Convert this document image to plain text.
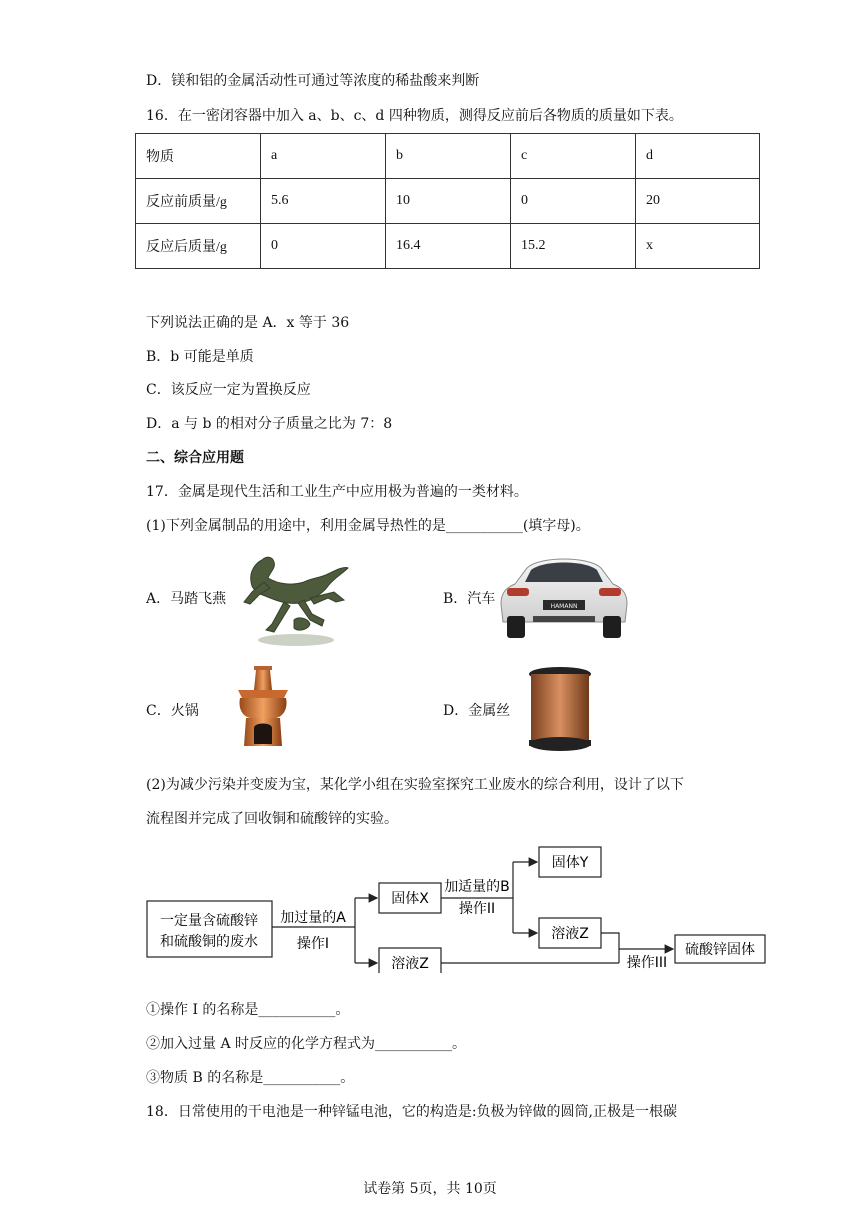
D．镁和铝的金属活动性可通过等浓度的稀盐酸来判断
16．在一密闭容器中加入 a、b、c、d 四种物质，测得反应前后各物质的质量如下表。
物质	a	b	c	d
反应前质量/g	5.6	10	0	20
反应后质量/g	0	16.4	15.2	x
下列说法正确的是 A．x 等于 36
B．b 可能是单质
C．该反应一定为置换反应
D．a 与 b 的相对分子质量之比为 7：8
二、综合应用题
17．金属是现代生活和工业生产中应用极为普遍的一类材料。
(1)下列金属制品的用途中，利用金属导热性的是___________(填字母)。
A．马踏飞燕	B．汽车	HAMANN
C．火锅	D．金属丝
(2)为减少污染并变废为宝，某化学小组在实验室探究工业废水的综合利用，设计了以下
流程图并完成了回收铜和硫酸锌的实验。
一定量含硫酸锌
和硫酸铜的废水
加过量的A
操作I
固体X
溶液Z
加适量的B
操作II
固体Y
溶液Z
操作III
硫酸锌固体
①操作 I 的名称是___________。
②加入过量 A 时反应的化学方程式为___________。
③物质 B 的名称是___________。
18．日常使用的干电池是一种锌锰电池，它的构造是:负极为锌做的圆筒,正极是一根碳
试卷第 5页，共 10页
